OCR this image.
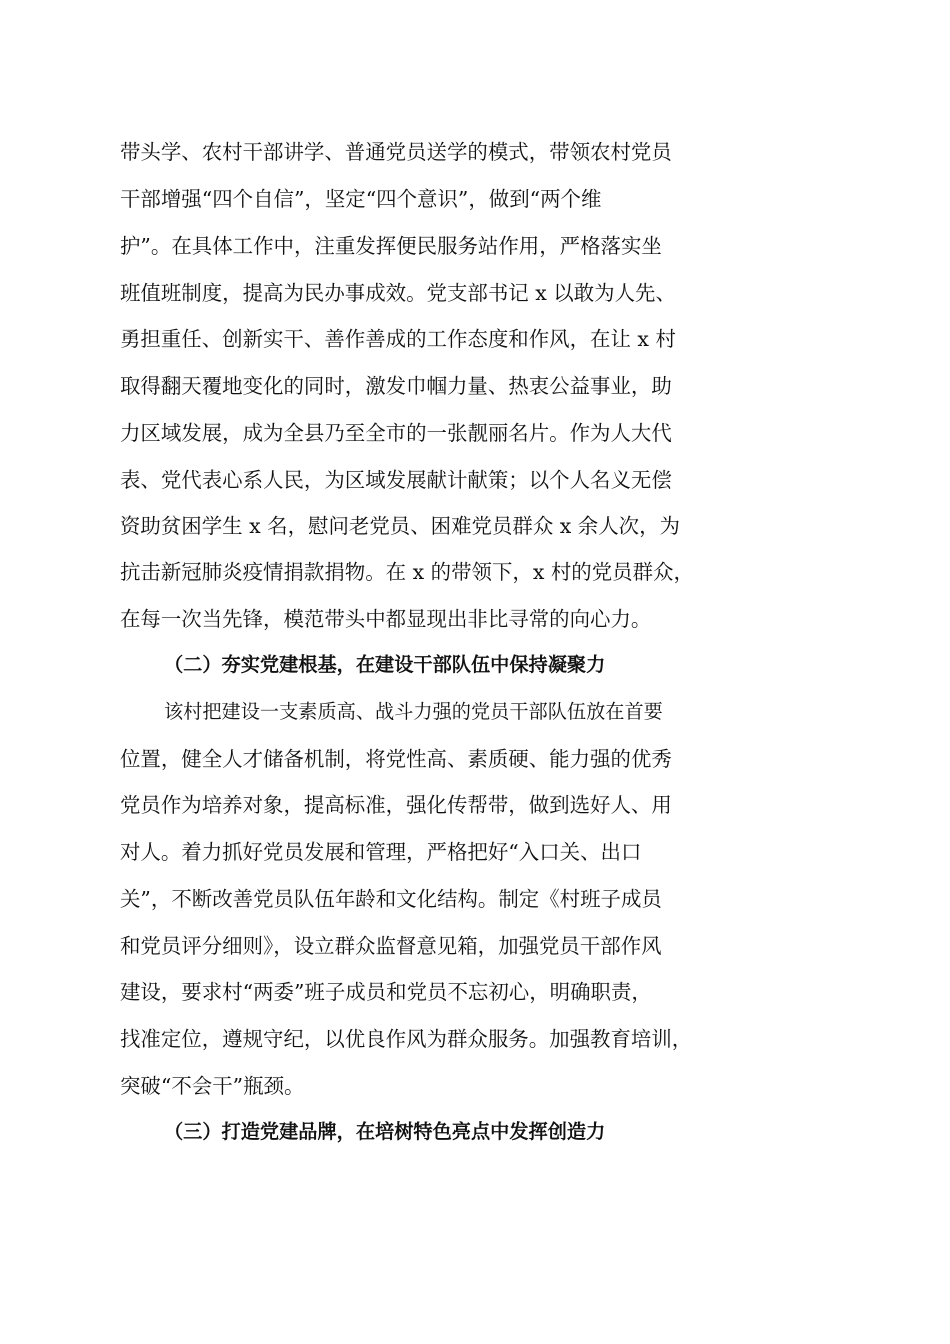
带头学、农村干部讲学、普通党员送学的模式，带领农村党员
干部增强“四个自信”，坚定“四个意识”，做到“两个维
护”。在具体工作中，注重发挥便民服务站作用，严格落实坐
班值班制度，提高为民办事成效。党支部书记 x 以敢为人先、
勇担重任、创新实干、善作善成的工作态度和作风，在让 x 村
取得翻天覆地变化的同时，激发巾帼力量、热衷公益事业，助
力区域发展，成为全县乃至全市的一张靓丽名片。作为人大代
表、党代表心系人民，为区域发展献计献策；以个人名义无偿
资助贫困学生 x 名，慰问老党员、困难党员群众 x 余人次，为
抗击新冠肺炎疫情捐款捐物。在 x 的带领下，x 村的党员群众，
在每一次当先锋，模范带头中都显现出非比寻常的向心力。
（二）夯实党建根基，在建设干部队伍中保持凝聚力
该村把建设一支素质高、战斗力强的党员干部队伍放在首要
位置，健全人才储备机制，将党性高、素质硬、能力强的优秀
党员作为培养对象，提高标准，强化传帮带，做到选好人、用
对人。着力抓好党员发展和管理，严格把好“入口关、出口
关”，不断改善党员队伍年龄和文化结构。制定《村班子成员
和党员评分细则》，设立群众监督意见箱，加强党员干部作风
建设，要求村“两委”班子成员和党员不忘初心，明确职责，
找准定位，遵规守纪，以优良作风为群众服务。加强教育培训，
突破“不会干”瓶颈。
（三）打造党建品牌，在培树特色亮点中发挥创造力
